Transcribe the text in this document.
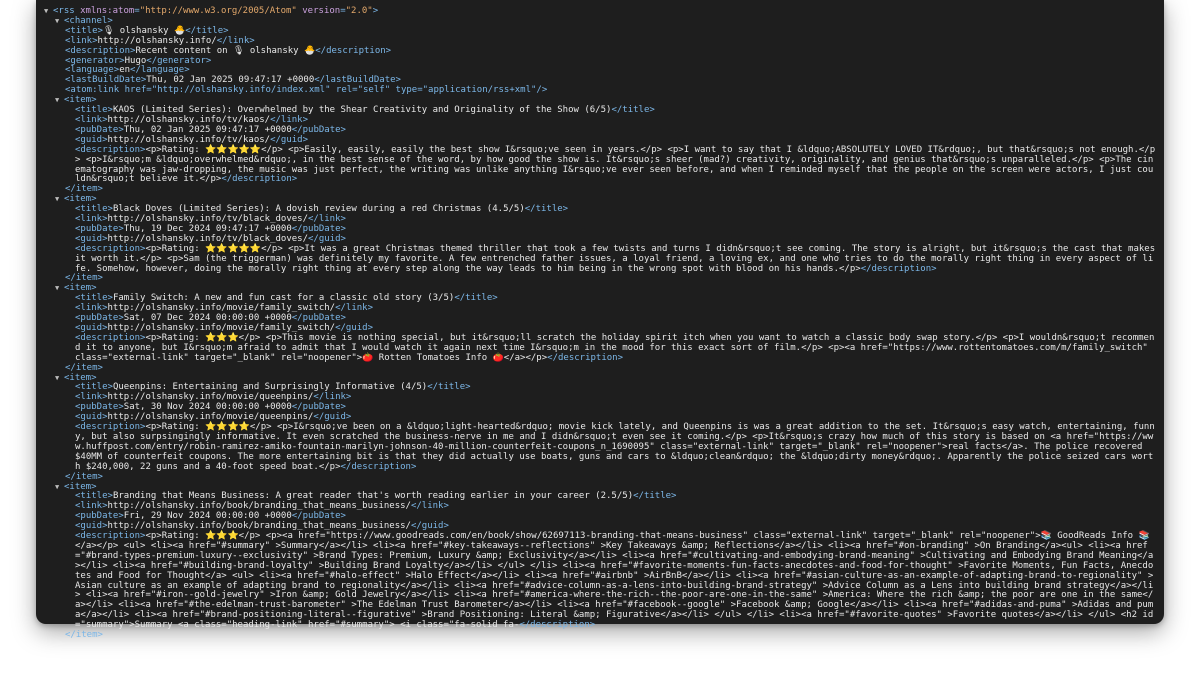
▼ <rss xmlns:atom="http://www.w3.org/2005/Atom" version="2.0">
▼ <channel>
<title>🎙 olshansky 🐣</title>
<link>http://olshansky.info/</link>
<description>Recent content on 🎙 olshansky 🐣</description>
<generator>Hugo</generator>
<language>en</language>
<lastBuildDate>Thu, 02 Jan 2025 09:47:17 +0000</lastBuildDate>
<atom:link href="http://olshansky.info/index.xml" rel="self" type="application/rss+xml"/>
▼ <item>
<title>KAOS (Limited Series): Overwhelmed by the Shear Creativity and Originality of the Show (6/5)</title>
<link>http://olshansky.info/tv/kaos/</link>
<pubDate>Thu, 02 Jan 2025 09:47:17 +0000</pubDate>
<guid>http://olshansky.info/tv/kaos/</guid>
<description><p>Rating: ⭐⭐⭐⭐⭐</p> <p>Easily, easily, easily the best show I&rsquo;ve seen in years.</p> <p>I want to say that I &ldquo;ABSOLUTELY LOVED IT&rdquo;, but that&rsquo;s not enough.</p> <p>I&rsquo;m &ldquo;overwhelmed&rdquo;, in the best sense of the word, by how good the show is. It&rsquo;s sheer (mad?) creativity, originality, and genius that&rsquo;s unparalleled.</p> <p>The cinematography was jaw-dropping, the music was just perfect, the writing was unlike anything I&rsquo;ve ever seen before, and when I reminded myself that the people on the screen were actors, I just couldn&rsquo;t believe it.</p></description>
</item>
▼ <item>
<title>Black Doves (Limited Series): A dovish review during a red Christmas (4.5/5)</title>
<link>http://olshansky.info/tv/black_doves/</link>
<pubDate>Thu, 19 Dec 2024 09:47:17 +0000</pubDate>
<guid>http://olshansky.info/tv/black_doves/</guid>
<description><p>Rating: ⭐⭐⭐⭐⭐</p> <p>It was a great Christmas themed thriller that took a few twists and turns I didn&rsquo;t see coming. The story is alright, but it&rsquo;s the cast that makes it worth it.</p> <p>Sam (the triggerman) was definitely my favorite. A few entrenched father issues, a loyal friend, a loving ex, and one who tries to do the morally right thing in every aspect of life. Somehow, however, doing the morally right thing at every step along the way leads to him being in the wrong spot with blood on his hands.</p></description>
</item>
▼ <item>
<title>Family Switch: A new and fun cast for a classic old story (3/5)</title>
<link>http://olshansky.info/movie/family_switch/</link>
<pubDate>Sat, 07 Dec 2024 00:00:00 +0000</pubDate>
<guid>http://olshansky.info/movie/family_switch/</guid>
<description><p>Rating: ⭐⭐⭐</p> <p>This movie is nothing special, but it&rsquo;ll scratch the holiday spirit itch when you want to watch a classic body swap story.</p> <p>I wouldn&rsquo;t recommend it to anyone, but I&rsquo;m afraid to admit that I would watch it again next time I&rsquo;m in the mood for this exact sort of film.</p> <p><a href="https://www.rottentomatoes.com/m/family_switch" class="external-link" target="_blank" rel="noopener">🍅 Rotten Tomatoes Info 🍅</a></p></description>
</item>
▼ <item>
<title>Queenpins: Entertaining and Surprisingly Informative (4/5)</title>
<link>http://olshansky.info/movie/queenpins/</link>
<pubDate>Sat, 30 Nov 2024 00:00:00 +0000</pubDate>
<guid>http://olshansky.info/movie/queenpins/</guid>
<description><p>Rating: ⭐⭐⭐⭐</p> <p>I&rsquo;ve been on a &ldquo;light-hearted&rdquo; movie kick lately, and Queenpins is was a great addition to the set. It&rsquo;s easy watch, entertaining, funny, but also surpsingingly informative. It even scratched the business-nerve in me and I didn&rsquo;t even see it coming.</p> <p>It&rsquo;s crazy how much of this story is based on <a href="https://www.huffpost.com/entry/robin-ramirez-amiko-fountain-marilyn-johnson-40-million-counterfeit-coupons_n_1690095" class="external-link" target="_blank" rel="noopener">real facts</a>. The police recovered $40MM of counterfeit coupons. The more entertaining bit is that they did actually use boats, guns and cars to &ldquo;clean&rdquo; the &ldquo;dirty money&rdquo;. Apparently the police seized cars worth $240,000, 22 guns and a 40-foot speed boat.</p></description>
</item>
▼ <item>
<title>Branding that Means Business: A great reader that's worth reading earlier in your career (2.5/5)</title>
<link>http://olshansky.info/book/branding_that_means_business/</link>
<pubDate>Fri, 29 Nov 2024 00:00:00 +0000</pubDate>
<guid>http://olshansky.info/book/branding_that_means_business/</guid>
<description><p>Rating: ⭐⭐⭐</p> <p><a href="https://www.goodreads.com/en/book/show/62697113-branding-that-means-business" class="external-link" target="_blank" rel="noopener">📚 GoodReads Info 📚</a></p> <ul> <li><a href="#summary" >Summary</a></li> <li><a href="#key-takeaways--reflections" >Key Takeaways &amp; Reflections</a></li> <li><a href="#on-branding" >On Branding</a><ul> <li><a href="#brand-types-premium-luxury--exclusivity" >Brand Types: Premium, Luxury &amp; Exclusivity</a></li> <li><a href="#cultivating-and-embodying-brand-meaning" >Cultivating and Embodying Brand Meaning</a></li> <li><a href="#building-brand-loyalty" >Building Brand Loyalty</a></li> </ul> </li> <li><a href="#favorite-moments-fun-facts-anecdotes-and-food-for-thought" >Favorite Moments, Fun Facts, Anecdotes and Food for Thought</a> <ul> <li><a href="#halo-effect" >Halo Effect</a></li> <li><a href="#airbnb" >AirBnB</a></li> <li><a href="#asian-culture-as-an-example-of-adapting-brand-to-regionality" >Asian culture as an example of adapting brand to regionality</a></li> <li><a href="#advice-column-as-a-lens-into-building-brand-strategy" >Advice Column as a Lens into building brand strategy</a></li> <li><a href="#iron--gold-jewelry" >Iron &amp; Gold Jewelry</a></li> <li><a href="#america-where-the-rich--the-poor-are-one-in-the-same" >America: Where the rich &amp; the poor are one in the same</a></li> <li><a href="#the-edelman-trust-barometer" >The Edelman Trust Barometer</a></li> <li><a href="#facebook--google" >Facebook &amp; Google</a></li> <li><a href="#adidas-and-puma" >Adidas and puma</a></li> <li><a href="#brand-positioning-literal--figurative" >Brand Positioning: Literal &amp; Figurative</a></li> </ul> </li> <li><a href="#favorite-quotes" >Favorite quotes</a></li> </ul> <h2 id="summary">Summary <a class="heading-link" href="#summary"> <i class="fa-solid fa-</description>
</item>
